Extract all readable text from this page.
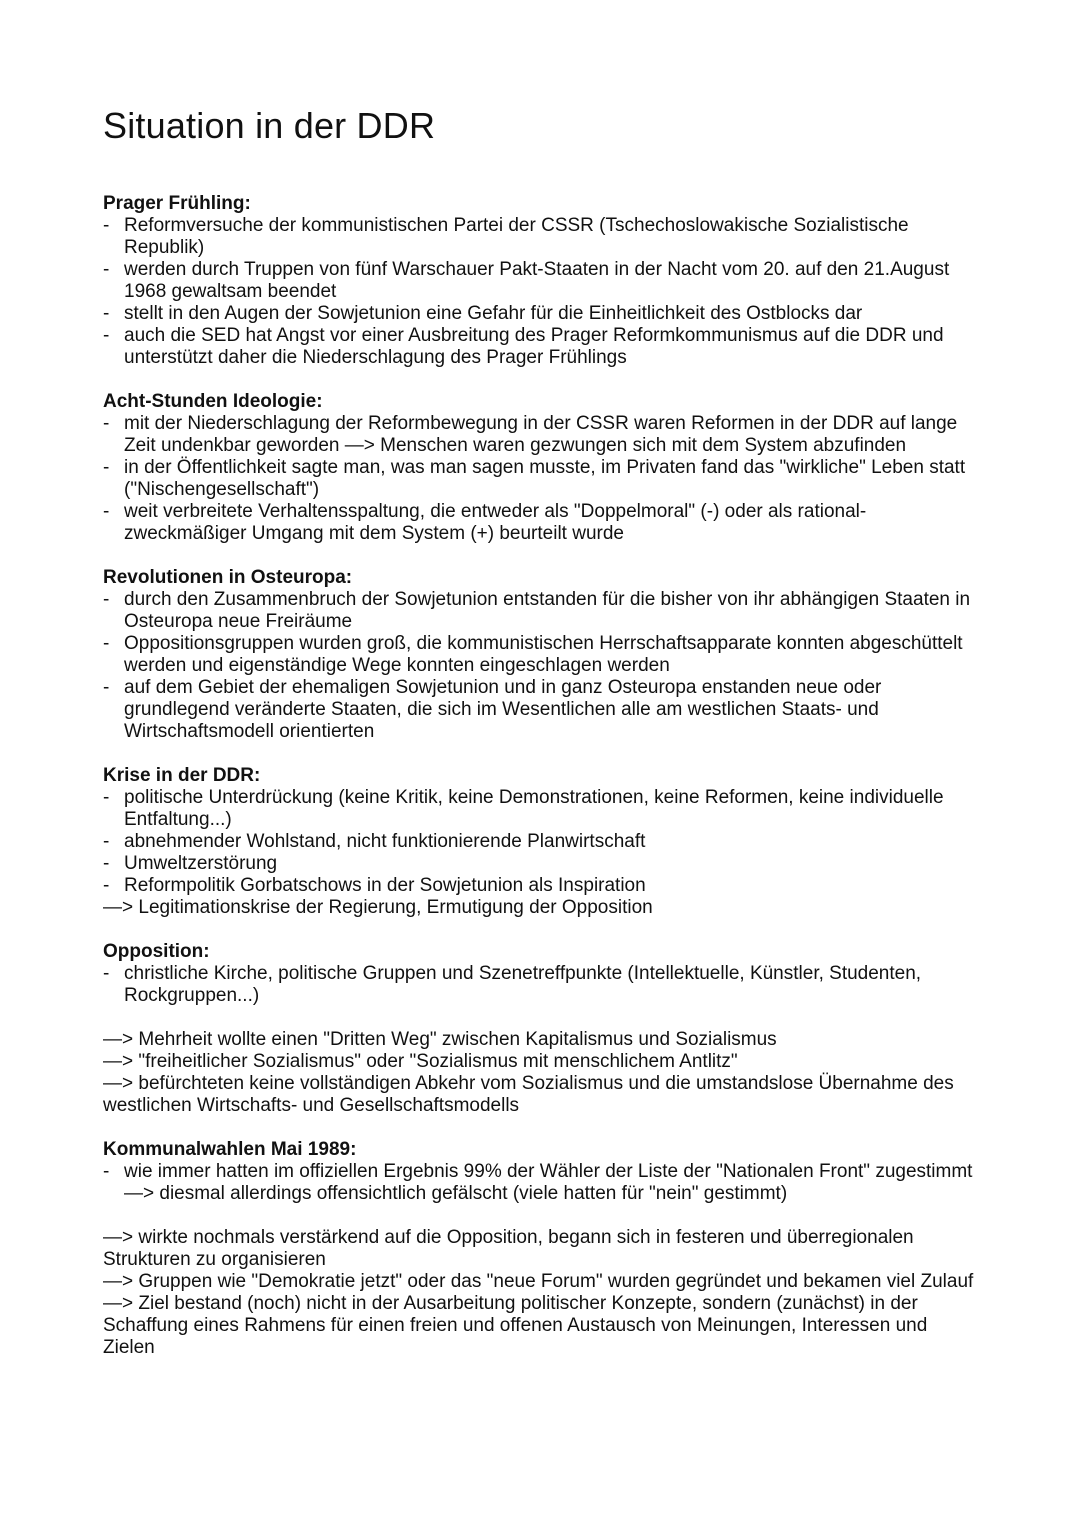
Situation in der DDR
Prager Frühling:
- Reformversuche der kommunistischen Partei der CSSR (Tschechoslowakische Sozialistische Republik)
- werden durch Truppen von fünf Warschauer Pakt-Staaten in der Nacht vom 20. auf den 21.August 1968 gewaltsam beendet
- stellt in den Augen der Sowjetunion eine Gefahr für die Einheitlichkeit des Ostblocks dar
- auch die SED hat Angst vor einer Ausbreitung des Prager Reformkommunismus auf die DDR und unterstützt daher die Niederschlagung des Prager Frühlings
Acht-Stunden Ideologie:
- mit der Niederschlagung der Reformbewegung in der CSSR waren Reformen in der DDR auf lange Zeit undenkbar geworden —> Menschen waren gezwungen sich mit dem System abzufinden
- in der Öffentlichkeit sagte man, was man sagen musste, im Privaten fand das "wirkliche" Leben statt ("Nischengesellschaft")
- weit verbreitete Verhaltensspaltung, die entweder als "Doppelmoral" (-) oder als rational-zweckmäßiger Umgang mit dem System (+) beurteilt wurde
Revolutionen in Osteuropa:
- durch den Zusammenbruch der Sowjetunion entstanden für die bisher von ihr abhängigen Staaten in Osteuropa neue Freiräume
- Oppositionsgruppen wurden groß, die kommunistischen Herrschaftsapparate konnten abgeschüttelt werden und eigenständige Wege konnten eingeschlagen werden
- auf dem Gebiet der ehemaligen Sowjetunion und in ganz Osteuropa enstanden neue oder grundlegend veränderte Staaten, die sich im Wesentlichen alle am westlichen Staats- und Wirtschaftsmodell orientierten
Krise in der DDR:
- politische Unterdrückung (keine Kritik, keine Demonstrationen, keine Reformen, keine individuelle Entfaltung...)
- abnehmender Wohlstand, nicht funktionierende Planwirtschaft
- Umweltzerstörung
- Reformpolitik Gorbatschows in der Sowjetunion als Inspiration

—> Legitimationskrise der Regierung, Ermutigung der Opposition

Opposition:
- christliche Kirche, politische Gruppen und Szenetreffpunkte (Intellektuelle, Künstler, Studenten, Rockgruppen...)

—> Mehrheit wollte einen "Dritten Weg" zwischen Kapitalismus und Sozialismus

—> "freiheitlicher Sozialismus" oder "Sozialismus mit menschlichem Antlitz"

—> befürchteten keine vollständigen Abkehr vom Sozialismus und die umstandslose Übernahme des westlichen Wirtschafts- und Gesellschaftsmodells

Kommunalwahlen Mai 1989:
- wie immer hatten im offiziellen Ergebnis 99% der Wähler der Liste der "Nationalen Front" zugestimmt —> diesmal allerdings offensichtlich gefälscht (viele hatten für "nein" gestimmt)

—> wirkte nochmals verstärkend auf die Opposition, begann sich in festeren und überregionalen Strukturen zu organisieren

—> Gruppen wie "Demokratie jetzt" oder das "neue Forum" wurden gegründet und bekamen viel Zulauf

—> Ziel bestand (noch) nicht in der Ausarbeitung politischer Konzepte, sondern (zunächst) in der Schaffung eines Rahmens für einen freien und offenen Austausch von Meinungen, Interessen und Zielen
